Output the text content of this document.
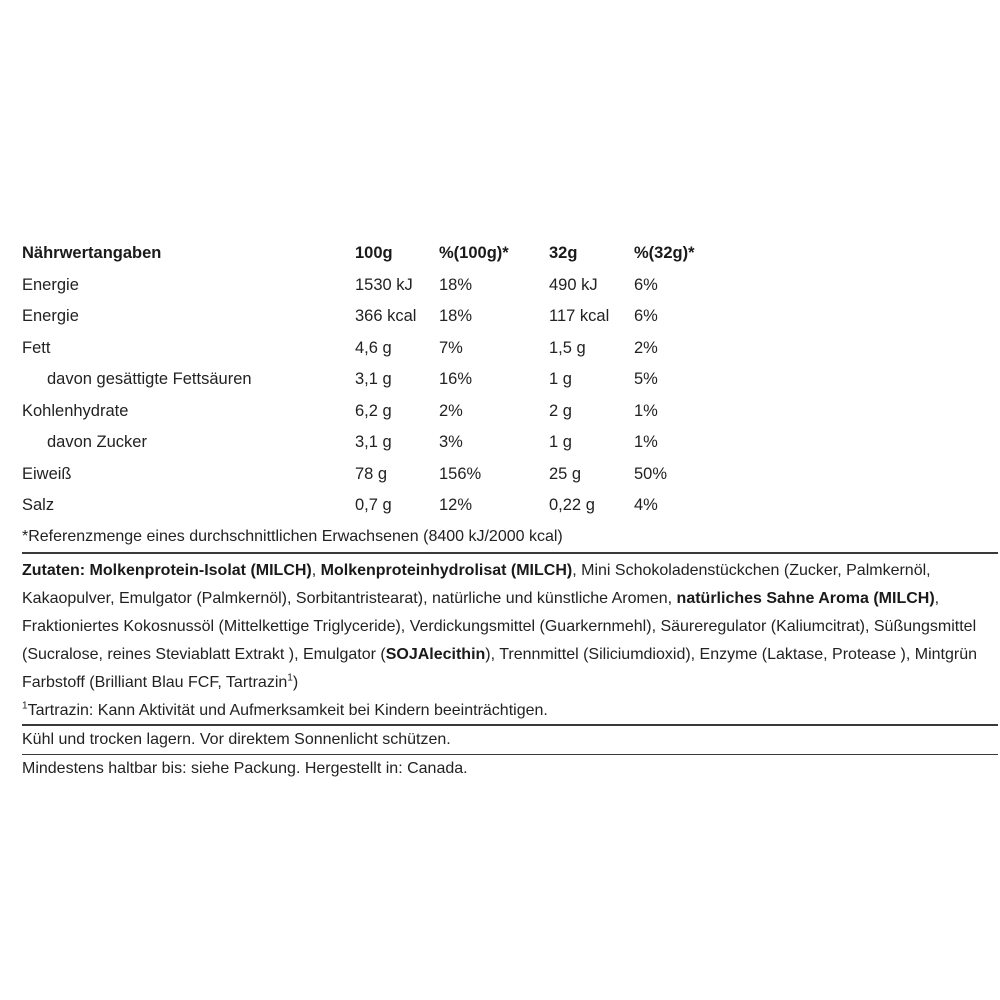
Nährwertangaben	100g	%(100g)*	32g	%(32g)*
Energie	1530 kJ	18%	490 kJ	6%
Energie	366 kcal	18%	117 kcal	6%
Fett	4,6 g	7%	1,5 g	2%
davon gesättigte Fettsäuren	3,1 g	16%	1 g	5%
Kohlenhydrate	6,2 g	2%	2 g	1%
davon Zucker	3,1 g	3%	1 g	1%
Eiweiß	78 g	156%	25 g	50%
Salz	0,7 g	12%	0,22 g	4%
*Referenzmenge eines durchschnittlichen Erwachsenen (8400 kJ/2000 kcal)
Zutaten: Molkenprotein-Isolat (MILCH), Molkenproteinhydrolisat (MILCH), Mini Schokoladenstückchen (Zucker, Palmkernöl, Kakaopulver, Emulgator (Palmkernöl), Sorbitantristearat), natürliche und künstliche Aromen, natürliches Sahne Aroma (MILCH), Fraktioniertes Kokosnussöl (Mittelkettige Triglyceride), Verdickungsmittel (Guarkernmehl), Säureregulator (Kaliumcitrat), Süßungsmittel (Sucralose, reines Steviablatt Extrakt ), Emulgator (SOJAlecithin), Trennmittel (Siliciumdioxid), Enzyme (Laktase, Protease ), Mintgrün Farbstoff (Brilliant Blau FCF, Tartrazin$^1$)
$^1$Tartrazin: Kann Aktivität und Aufmerksamkeit bei Kindern beeinträchtigen.
Kühl und trocken lagern. Vor direktem Sonnenlicht schützen.
Mindestens haltbar bis: siehe Packung. Hergestellt in: Canada.
